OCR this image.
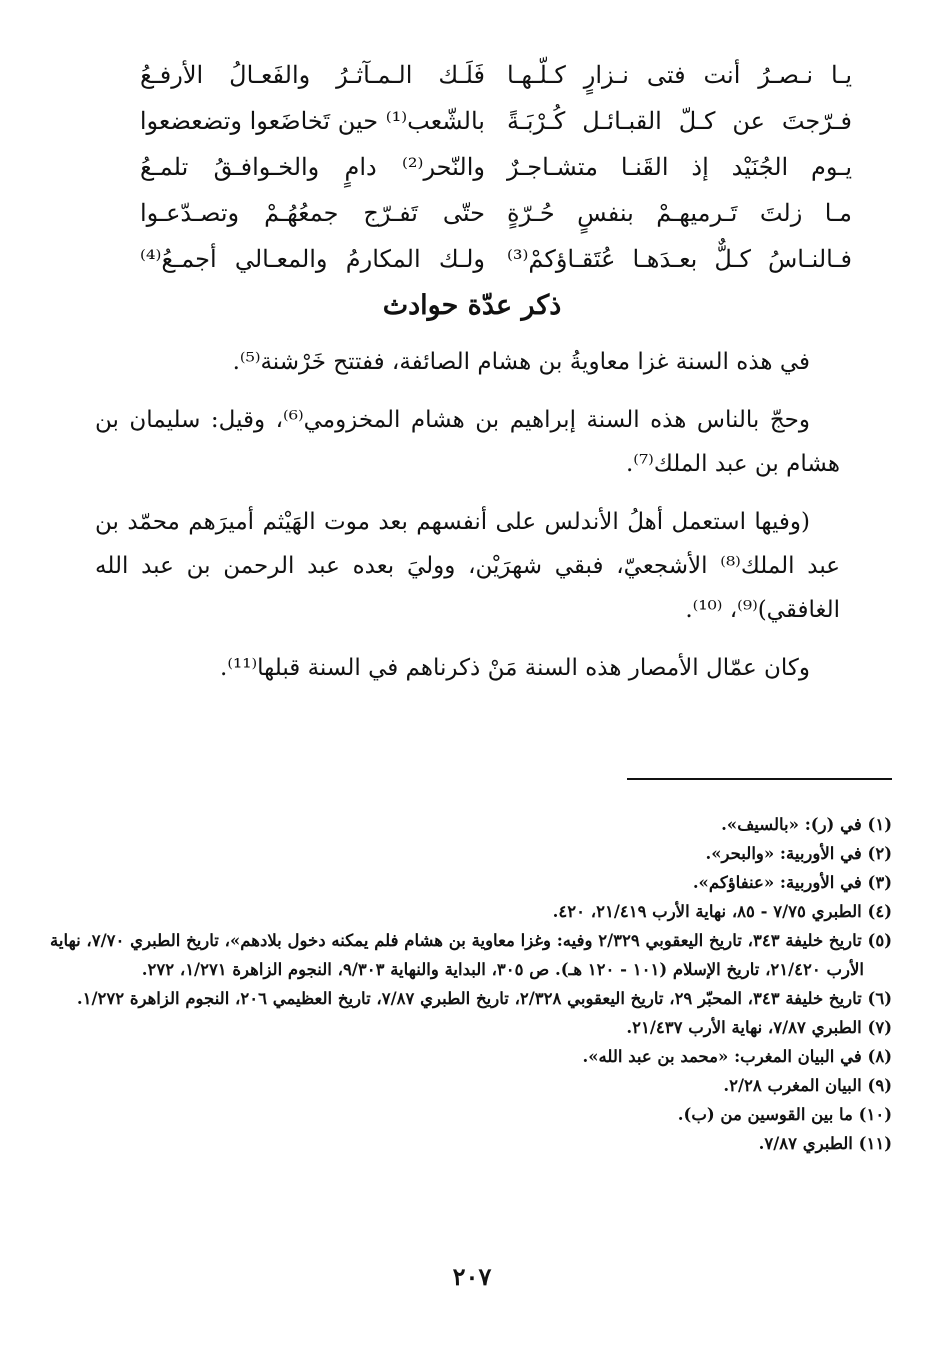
يـا نـصـرُ أنت فتى نـزارٍ كـلّـهـا
فَلَـك الـمـآثـرُ والفَعـالُ الأرفـعُ
فـرّجتَ عن كـلّ القبـائـل كُـرْبَـةً
بالشّعب⁽¹⁾ حين تَخاضَعوا وتضعضعوا
يـوم الجُنَيْد إذ القَنـا متشـاجـرٌ
والنّحر⁽²⁾ دامٍ والخـوافـقُ تلمـعُ
مـا زلتَ تَـرميهـمْ بنفسٍ حُـرّةٍ
حتّى تَفـرّج جمعُهُـمْ وتصـدّعـوا
فـالنـاسُ كـلٌّ بعـدَهـا عُتَقـاؤكمْ⁽³⁾
ولـك المكارمُ والمعـالي أجمـعُ⁽⁴⁾
ذكر عدّة حوادث

في هذه السنة غزا معاويةُ بن هشام الصائفة، ففتتح خَرْشنة⁽⁵⁾.

وحجّ بالناس هذه السنة إبراهيم بن هشام المخزومي⁽⁶⁾، وقيل: سليمان بن هشام بن عبد الملك⁽⁷⁾.

(وفيها استعمل أهلُ الأندلس على أنفسهم بعد موت الهَيْثم أميرَهم محمّد بن عبد الملك⁽⁸⁾ الأشجعيّ، فبقي شهرَيْن، ووليَ بعده عبد الرحمن بن عبد الله الغافقي)⁽⁹⁾، ⁽¹⁰⁾.

وكان عمّال الأمصار هذه السنة مَنْ ذكرناهم في السنة قبلها⁽¹¹⁾.

(١) في (ر): «بالسيف».
(٢) في الأوربية: «والبحر».
(٣) في الأوربية: «عنفاؤكم».
(٤) الطبري ٧/٧٥ - ٨٥، نهاية الأرب ٢١/٤١٩، ٤٢٠.
(٥) تاريخ خليفة ٣٤٣، تاريخ اليعقوبي ٢/٣٢٩ وفيه: وغزا معاوية بن هشام فلم يمكنه دخول بلادهم»، تاريخ الطبري ٧/٧٠، نهاية الأرب ٢١/٤٢٠، تاريخ الإسلام (١٠١ - ١٢٠ هـ). ص ٣٠٥، البداية والنهاية ٩/٣٠٣، النجوم الزاهرة ١/٢٧١، ٢٧٢.
(٦) تاريخ خليفة ٣٤٣، المحبّر ٢٩، تاريخ اليعقوبي ٢/٣٢٨، تاريخ الطبري ٧/٨٧، تاريخ العظيمي ٢٠٦، النجوم الزاهرة ١/٢٧٢.
(٧) الطبري ٧/٨٧، نهاية الأرب ٢١/٤٣٧.
(٨) في البيان المغرب: «محمد بن عبد الله».
(٩) البيان المغرب ٢/٢٨.
(١٠) ما بين القوسين من (ب).
(١١) الطبري ٧/٨٧.
٢٠٧
